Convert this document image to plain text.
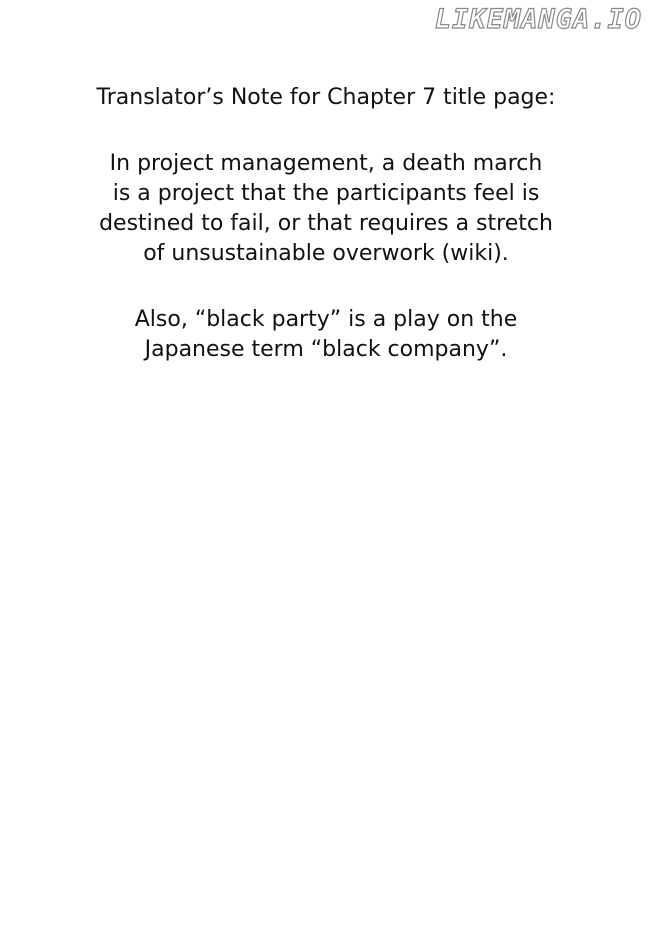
LIKEMANGA.IO

Translator’s Note for Chapter 7 title page:

In project management, a death march
is a project that the participants feel is
destined to fail, or that requires a stretch
of unsustainable overwork (wiki).

Also, “black party” is a play on the
Japanese term “black company”.
